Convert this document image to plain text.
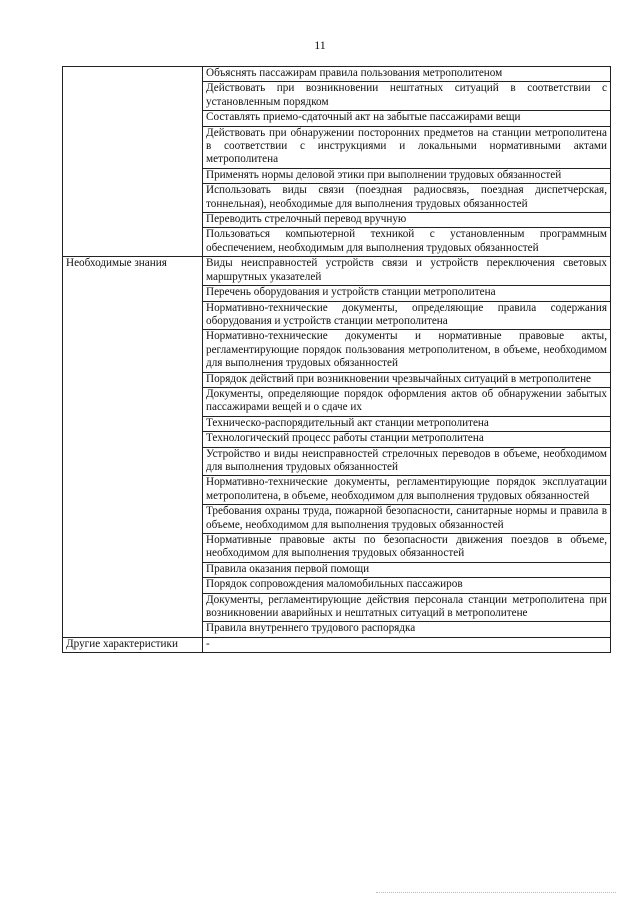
11
	Объяснять пассажирам правила пользования метрополитеном
	Действовать при возникновении нештатных ситуаций в соответствии с установленным порядком
	Составлять приемо-сдаточный акт на забытые пассажирами вещи
	Действовать при обнаружении посторонних предметов на станции метрополитена в соответствии с инструкциями и локальными нормативными актами метрополитена
	Применять нормы деловой этики при выполнении трудовых обязанностей
	Использовать виды связи (поездная радиосвязь, поездная диспетчерская, тоннельная), необходимые для выполнения трудовых обязанностей
	Переводить стрелочный перевод вручную
	Пользоваться компьютерной техникой с установленным программным обеспечением, необходимым для выполнения трудовых обязанностей
Необходимые знания	Виды неисправностей устройств связи и устройств переключения световых маршрутных указателей
	Перечень оборудования и устройств станции метрополитена
	Нормативно-технические документы, определяющие правила содержания оборудования и устройств станции метрополитена
	Нормативно-технические документы и нормативные правовые акты, регламентирующие порядок пользования метрополитеном, в объеме, необходимом для выполнения трудовых обязанностей
	Порядок действий при возникновении чрезвычайных ситуаций в метрополитене
	Документы, определяющие порядок оформления актов об обнаружении забытых пассажирами вещей и о сдаче их
	Техническо-распорядительный акт станции метрополитена
	Технологический процесс работы станции метрополитена
	Устройство и виды неисправностей стрелочных переводов в объеме, необходимом для выполнения трудовых обязанностей
	Нормативно-технические документы, регламентирующие порядок эксплуатации метрополитена, в объеме, необходимом для выполнения трудовых обязанностей
	Требования охраны труда, пожарной безопасности, санитарные нормы и правила в объеме, необходимом для выполнения трудовых обязанностей
	Нормативные правовые акты по безопасности движения поездов в объеме, необходимом для выполнения трудовых обязанностей
	Правила оказания первой помощи
	Порядок сопровождения маломобильных пассажиров
	Документы, регламентирующие действия персонала станции метрополитена при возникновении аварийных и нештатных ситуаций в метрополитене
	Правила внутреннего трудового распорядка
Другие характеристики	-
